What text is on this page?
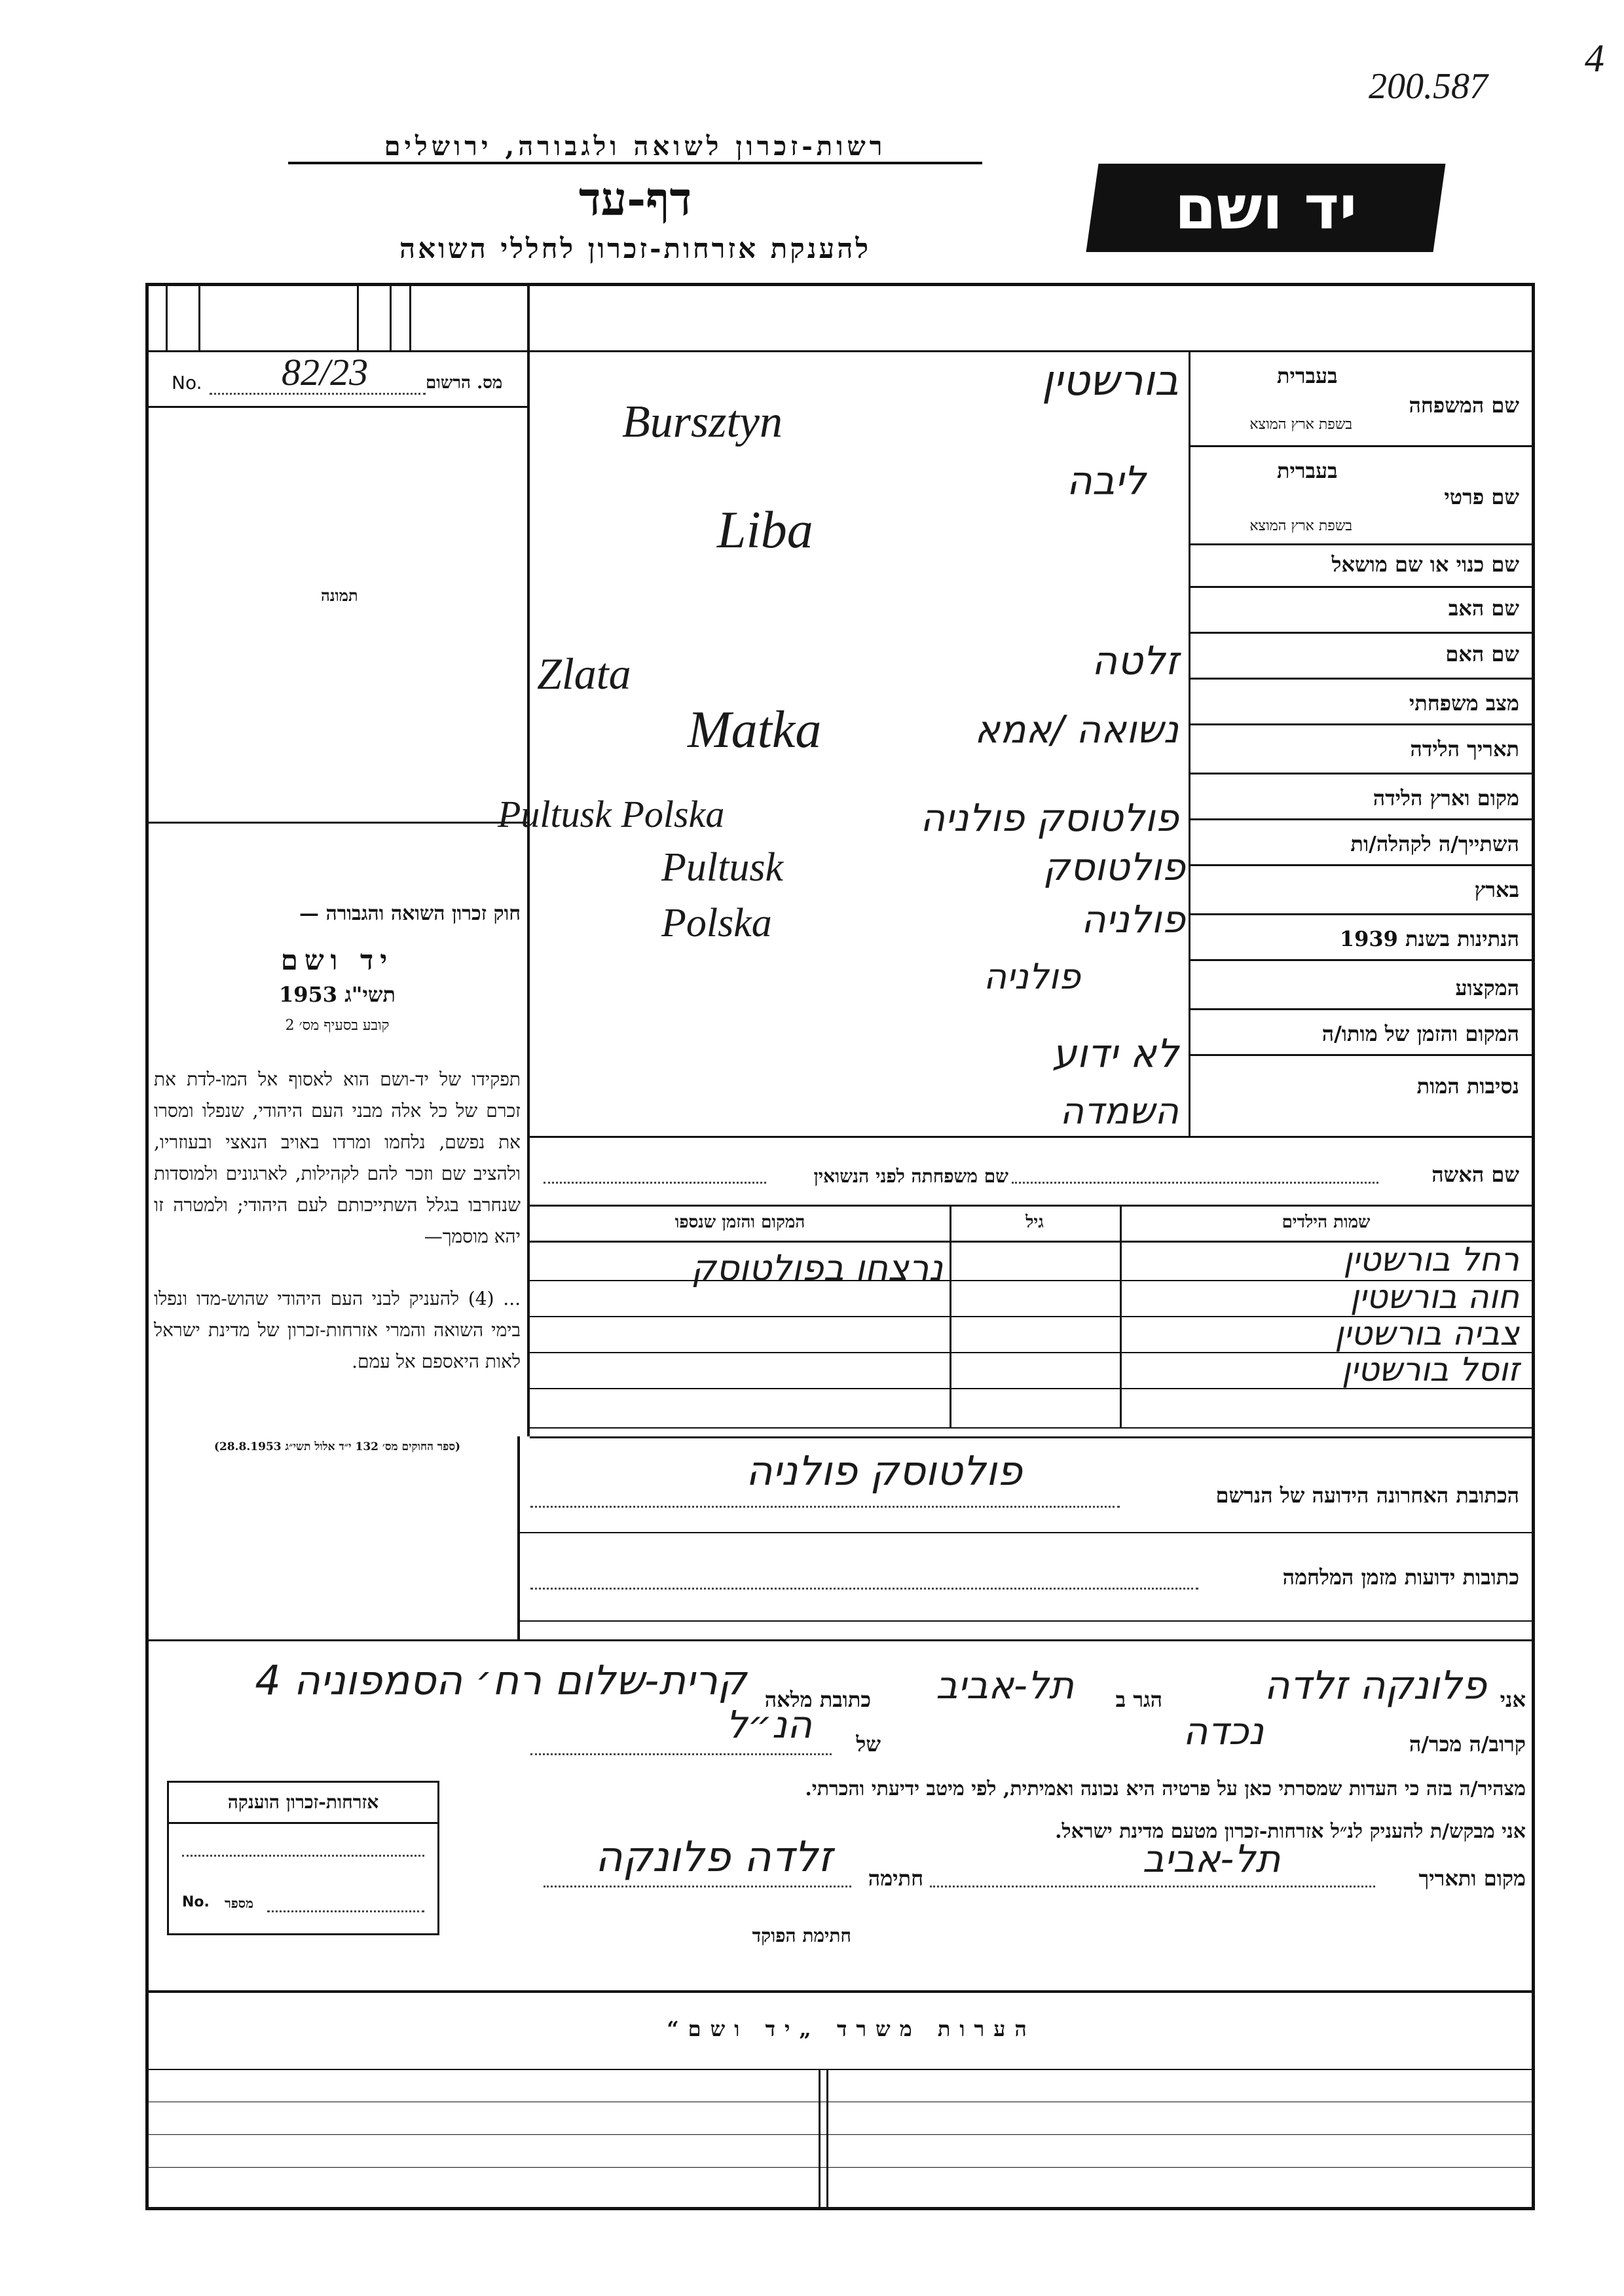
200.587
4
רשות-זכרון לשואה ולגבורה, ירושלים
דף-עד
להענקת אזרחות-זכרון לחללי השואה
יד ושם
No. 82/23	מס. הרשום
תמונה
חוק זכרון השואה והגבורה —
יד ושם
תשי"ג 1953
קובע בסעיף מס׳ 2
תפקידו של יד-ושם הוא לאסוף אל המו-לדת את זכרם של כל אלה מבני העם היהודי, שנפלו ומסרו את נפשם, נלחמו ומרדו באויב הנאצי ובעוזריו, ולהציב שם וזכר להם לקהילות, לארגונים ולמוסדות שנחרבו בגלל השתייכותם לעם היהודי; ולמטרה זו יהא מוסמך—
... (4) להעניק לבני העם היהודי שהוש-מדו ונפלו בימי השואה והמרי אזרחות-זכרון של מדינת ישראל לאות היאספם אל עמם.
(ספר החוקים מס׳ 132 י״ד אלול תשי״ג 28.8.1953)
בעברית
שם המשפחה
בשפת ארץ המוצא
בעברית
שם פרטי
בשפת ארץ המוצא
שם כנוי או שם מושאל
שם האב
שם האם
מצב משפחתי
תאריך הלידה
מקום וארץ הלידה
השתייך/ה לקהלה/ות
בארץ
הנתינות בשנת 1939
המקצוע
המקום והזמן של מותו/ה
נסיבות המות
בורשטין
Bursztyn
ליבה
Liba
זלטה
Zlata
נשואה /אמא
Matka
פולטוסק פולניה
Pultusk Polska
פולטוסק
Pultusk
פולניה
Polska
פולניה
לא ידוע
השמדה
שם האשה
שם משפחתה לפני הנשואין
שמות הילדים
גיל
המקום והזמן שנספו
רחל בורשטין
חוה בורשטין
צביה בורשטין
זוסל בורשטין
נרצחו בפולטוסק
פולטוסק פולניה
הכתובת האחרונה הידועה של הנרשם
כתובות ידועות מזמן המלחמה
אני
פלונקה זלדה
הגר ב
תל-אביב
כתובת מלאה
קרית-שלום רח׳ הסמפוניה 4
קרוב/ה מכר/ה
נכדה
של
הנ״ל
מצהיר/ה בזה כי העדות שמסרתי כאן על פרטיה היא נכונה ואמיתית, לפי מיטב ידיעתי והכרתי.
אני מבקש/ת להעניק לנ״ל אזרחות-זכרון מטעם מדינת ישראל.
מקום ותאריך
תל-אביב
חתימה
זלדה פלונקה
חתימת הפוקד
אזרחות-זכרון הוענקה
No. מספר
הערות משרד „יד ושם“
